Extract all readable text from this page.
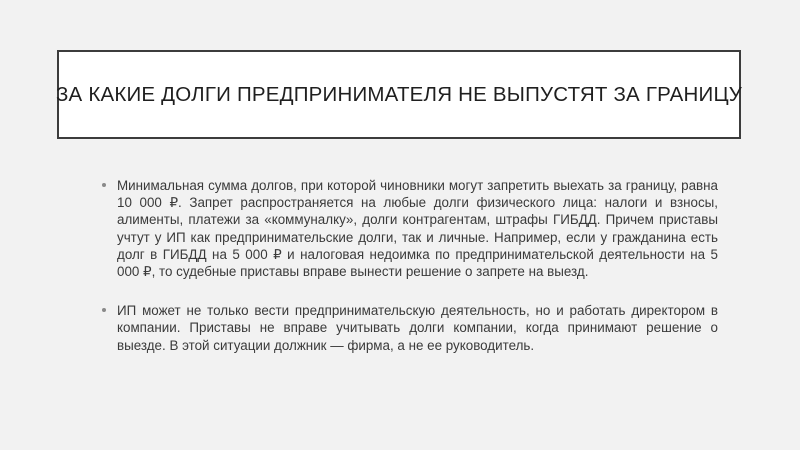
ЗА КАКИЕ ДОЛГИ ПРЕДПРИНИМАТЕЛЯ НЕ ВЫПУСТЯТ ЗА ГРАНИЦУ
Минимальная сумма долгов, при которой чиновники могут запретить выехать за границу, равна 10 000 ₽. Запрет распространяется на любые долги физического лица: налоги и взносы, алименты, платежи за «коммуналку», долги контрагентам, штрафы ГИБДД. Причем приставы учтут у ИП как предпринимательские долги, так и личные. Например, если у гражданина есть долг в ГИБДД на 5 000 ₽ и налоговая недоимка по предпринимательской деятельности на 5 000 ₽, то судебные приставы вправе вынести решение о запрете на выезд.
ИП может не только вести предпринимательскую деятельность, но и работать директором в компании. Приставы не вправе учитывать долги компании, когда принимают решение о выезде. В этой ситуации должник — фирма, а не ее руководитель.
